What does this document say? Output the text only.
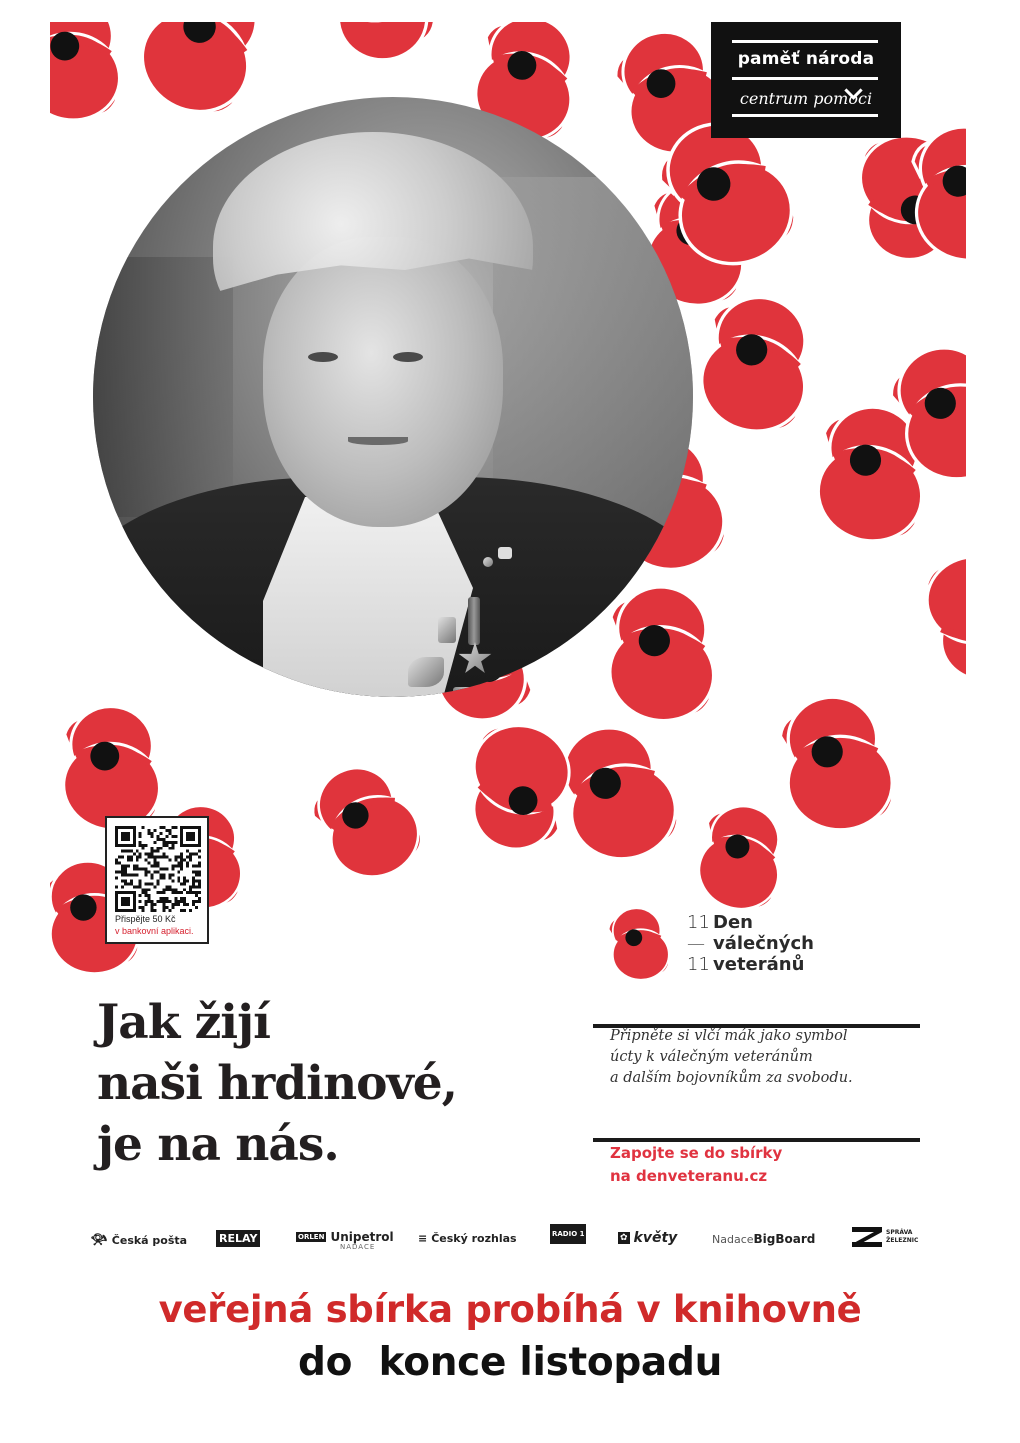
paměť národa
centrum pomoci
Přispějte 50 Kč
v bankovní aplikaci.	11
—
11
Den
válečných
veteránů
Jak žijí
naši hrdinové,
je na nás.
Připněte si vlčí mák jako symbol
úcty k válečným veteránům
a dalším bojovníkům za svobodu.
Zapojte se do sbírky
na denveteranu.cz
📯︎ Česká pošta	RELAY	ORLEN Unipetrol
NADACE
≡ Český rozhlas	RADIO 1	✿ květy	Nadace BigBoard	SPRÁVA
ŽELEZNIC
veřejná sbírka probíhá v knihovně
do  konce listopadu
